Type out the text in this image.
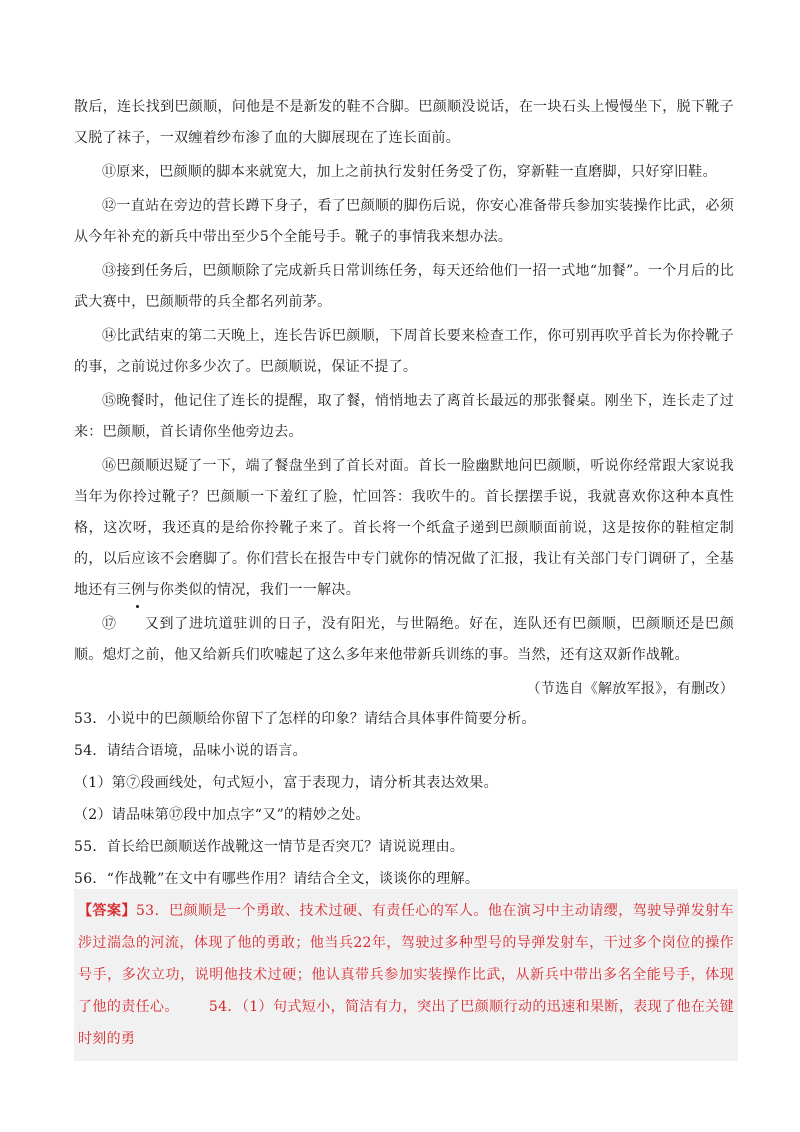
散后，连长找到巴颜顺，问他是不是新发的鞋不合脚。巴颜顺没说话，在一块石头上慢慢坐下，脱下靴子又脱了袜子，一双缠着纱布渗了血的大脚展现在了连长面前。

⑪原来，巴颜顺的脚本来就宽大，加上之前执行发射任务受了伤，穿新鞋一直磨脚，只好穿旧鞋。

⑫一直站在旁边的营长蹲下身子，看了巴颜顺的脚伤后说，你安心准备带兵参加实装操作比武，必须从今年补充的新兵中带出至少5个全能号手。靴子的事情我来想办法。

⑬接到任务后，巴颜顺除了完成新兵日常训练任务，每天还给他们一招一式地“加餐”。一个月后的比武大赛中，巴颜顺带的兵全都名列前茅。

⑭比武结束的第二天晚上，连长告诉巴颜顺，下周首长要来检查工作，你可别再吹乎首长为你拎靴子的事，之前说过你多少次了。巴颜顺说，保证不提了。

⑮晚餐时，他记住了连长的提醒，取了餐，悄悄地去了离首长最远的那张餐桌。刚坐下，连长走了过来：巴颜顺，首长请你坐他旁边去。

⑯巴颜顺迟疑了一下，端了餐盘坐到了首长对面。首长一脸幽默地问巴颜顺，听说你经常跟大家说我当年为你拎过靴子？巴颜顺一下羞红了脸，忙回答：我吹牛的。首长摆摆手说，我就喜欢你这种本真性格，这次呀，我还真的是给你拎靴子来了。首长将一个纸盒子递到巴颜顺面前说，这是按你的鞋楦定制的，以后应该不会磨脚了。你们营长在报告中专门就你的情况做了汇报，我让有关部门专门调研了，全基地还有三例与你类似的情况，我们一一解决。

⑰ 又到了进坑道驻训的日子，没有阳光，与世隔绝。好在，连队还有巴颜顺，巴颜顺还是巴颜顺。熄灯之前，他又给新兵们吹嘘起了这么多年来他带新兵训练的事。当然，还有这双新作战靴。

（节选自《解放军报》，有删改）

53．小说中的巴颜顺给你留下了怎样的印象？请结合具体事件简要分析。

54．请结合语境，品味小说的语言。

（1）第⑦段画线处，句式短小，富于表现力，请分析其表达效果。

（2）请品味第⑰段中加点字“又”的精妙之处。

55．首长给巴颜顺送作战靴这一情节是否突兀？请说说理由。

56．“作战靴”在文中有哪些作用？请结合全文，谈谈你的理解。

【答案】53．巴颜顺是一个勇敢、技术过硬、有责任心的军人。他在演习中主动请缨，驾驶导弹发射车涉过湍急的河流，体现了他的勇敢；他当兵22年，驾驶过多种型号的导弹发射车，干过多个岗位的操作号手，多次立功，说明他技术过硬；他认真带兵参加实装操作比武，从新兵中带出多名全能号手，体现了他的责任心。 54．（1）句式短小，简洁有力，突出了巴颜顺行动的迅速和果断，表现了他在关键时刻的勇
